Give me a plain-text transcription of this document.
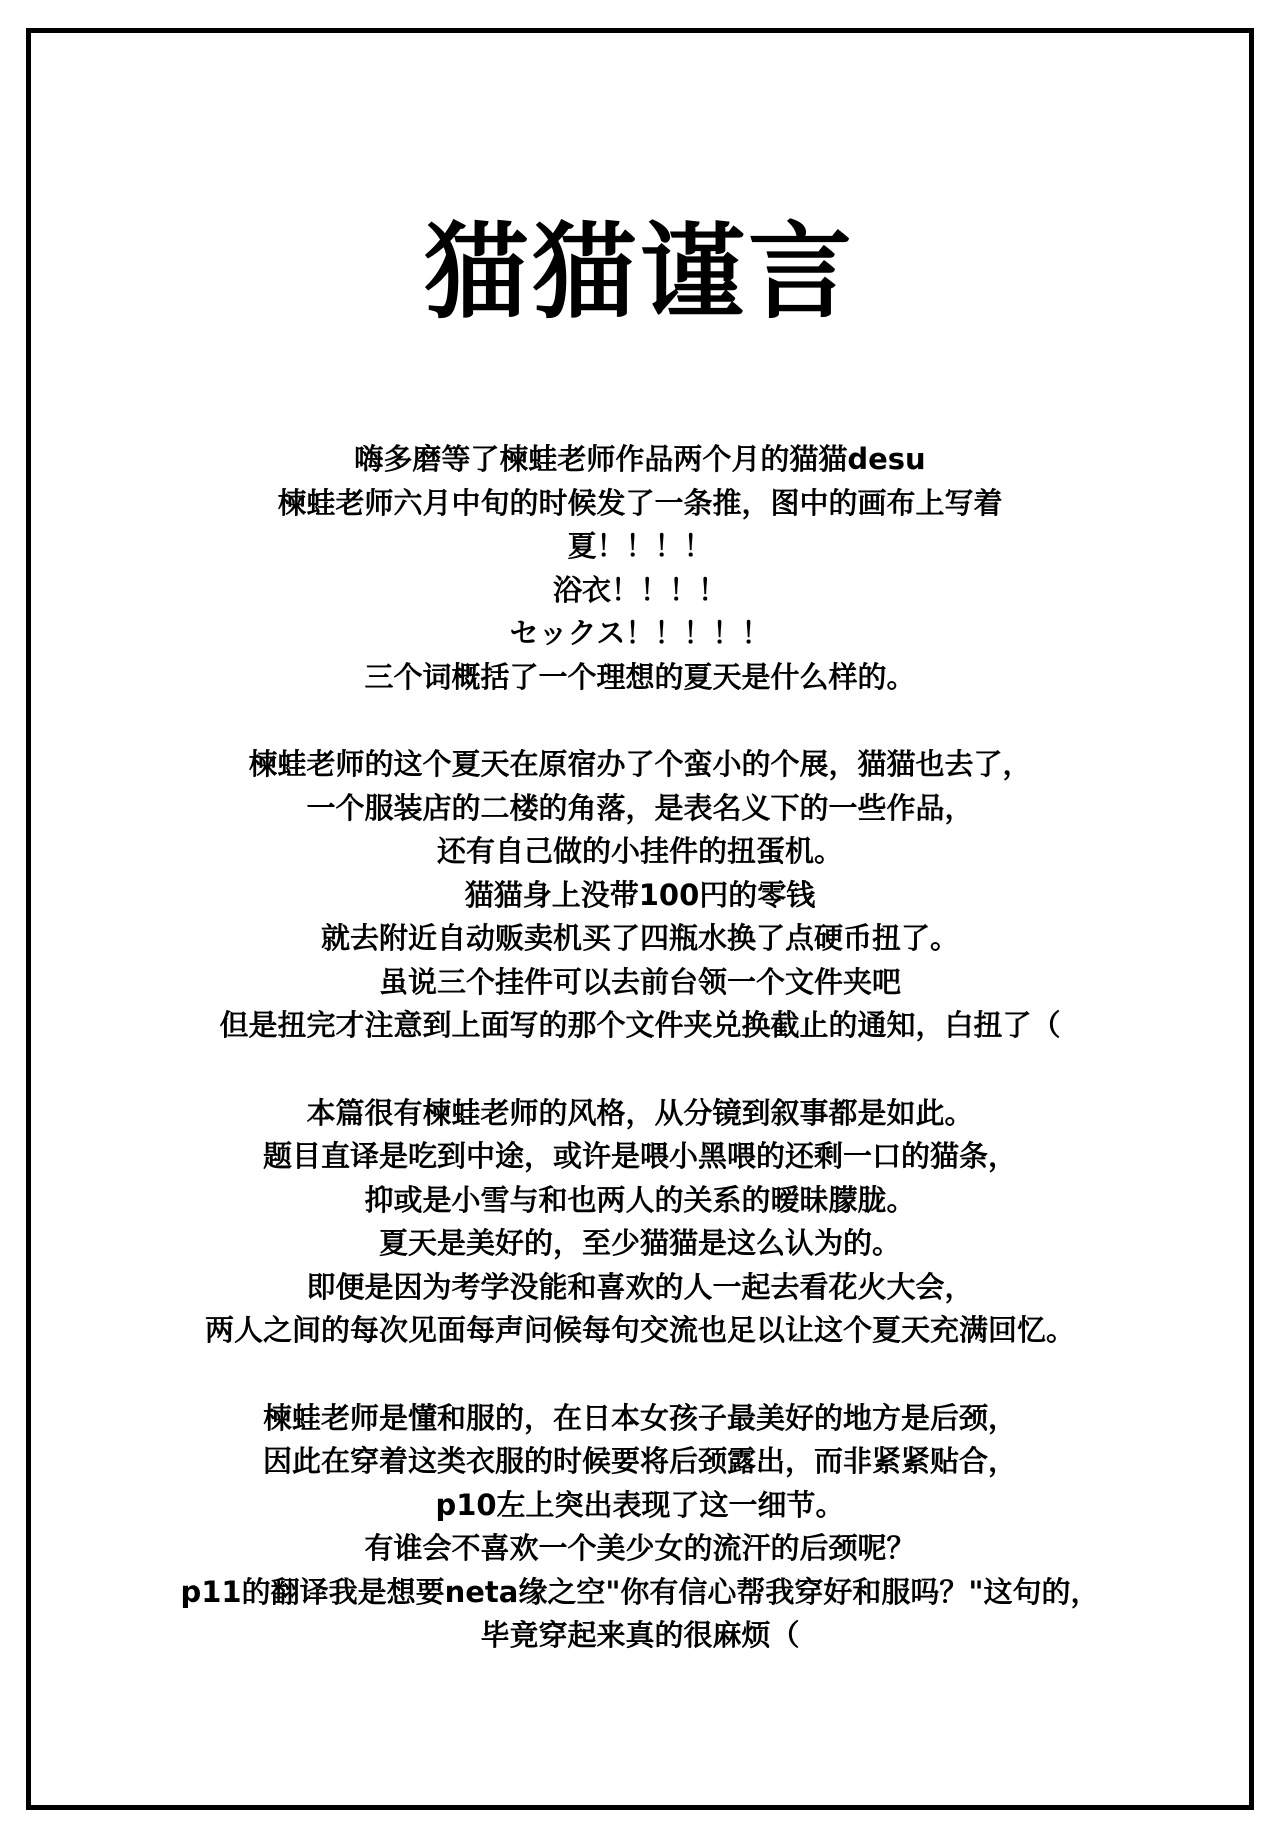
猫猫谨言
嗨多磨等了楝蛙老师作品两个月的猫猫desu
楝蛙老师六月中旬的时候发了一条推，图中的画布上写着
夏！！！！
浴衣！！！！
セックス！！！！！
三个词概括了一个理想的夏天是什么样的。
楝蛙老师的这个夏天在原宿办了个蛮小的个展，猫猫也去了，
一个服装店的二楼的角落，是表名义下的一些作品，
还有自己做的小挂件的扭蛋机。
猫猫身上没带100円的零钱
就去附近自动贩卖机买了四瓶水换了点硬币扭了。
虽说三个挂件可以去前台领一个文件夹吧
但是扭完才注意到上面写的那个文件夹兑换截止的通知，白扭了（
本篇很有楝蛙老师的风格，从分镜到叙事都是如此。
题目直译是吃到中途，或许是喂小黑喂的还剩一口的猫条，
抑或是小雪与和也两人的关系的暧昧朦胧。
夏天是美好的，至少猫猫是这么认为的。
即便是因为考学没能和喜欢的人一起去看花火大会，
两人之间的每次见面每声问候每句交流也足以让这个夏天充满回忆。
楝蛙老师是懂和服的，在日本女孩子最美好的地方是后颈，
因此在穿着这类衣服的时候要将后颈露出，而非紧紧贴合，
p10左上突出表现了这一细节。
有谁会不喜欢一个美少女的流汗的后颈呢？
p11的翻译我是想要neta缘之空"你有信心帮我穿好和服吗？"这句的，
毕竟穿起来真的很麻烦（
